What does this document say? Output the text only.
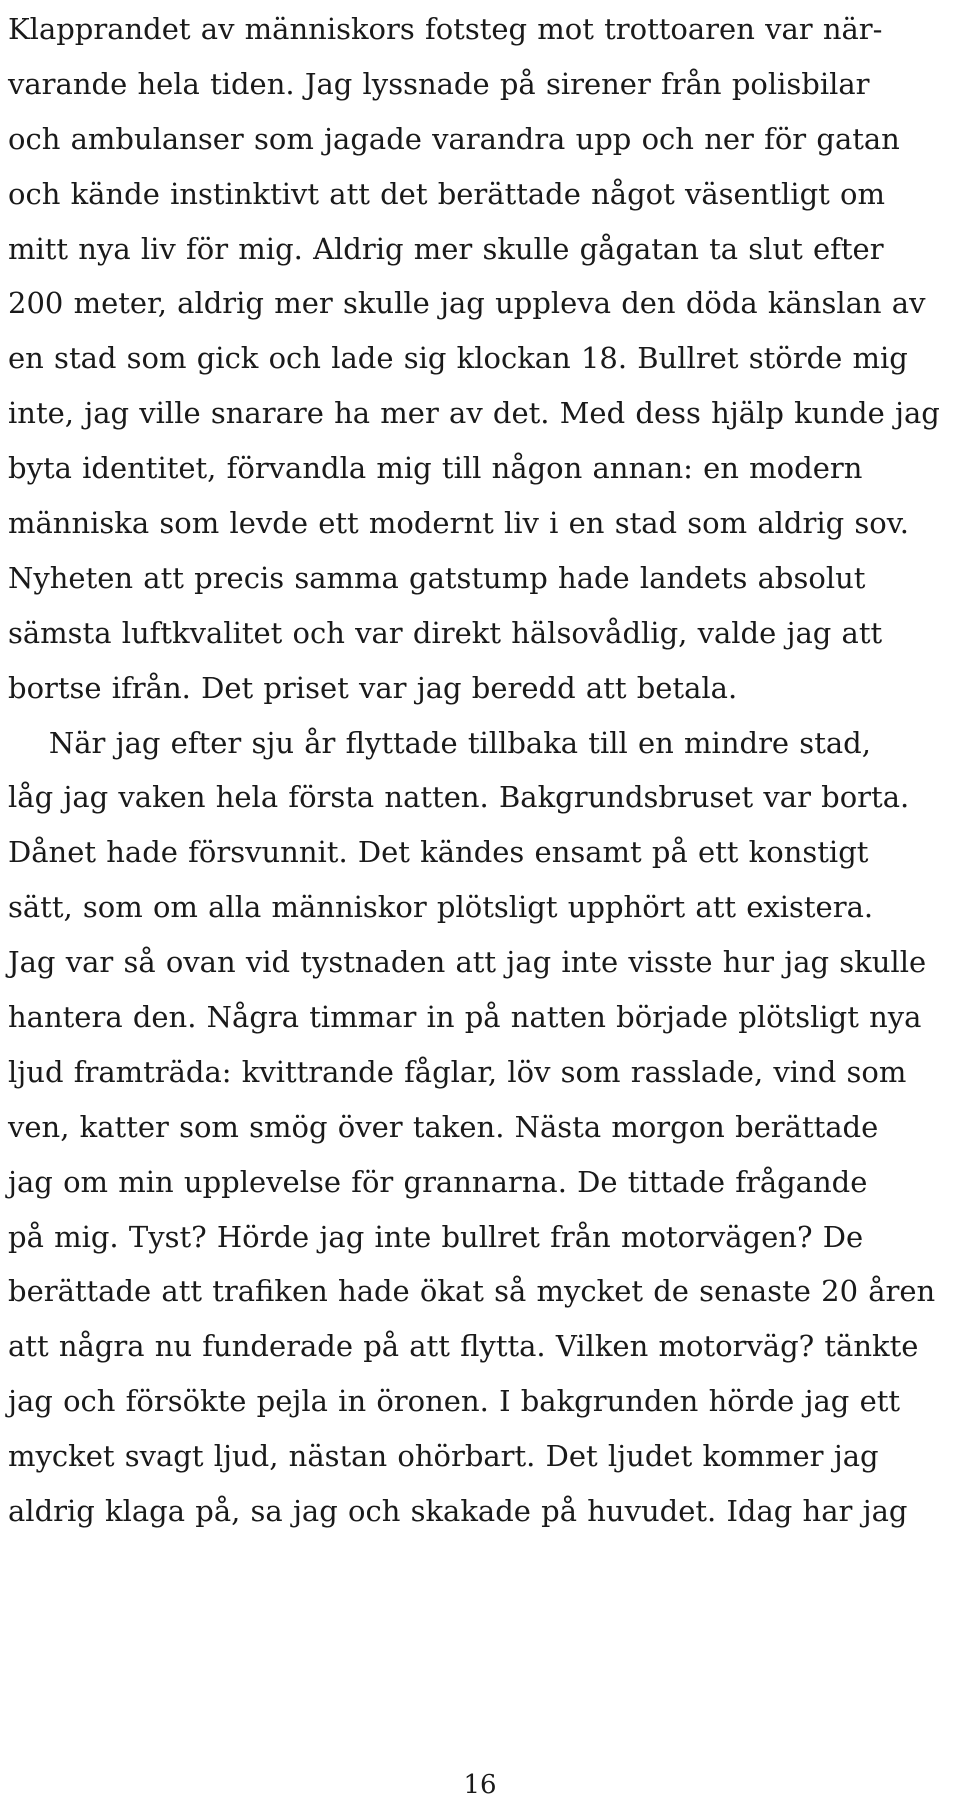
Klapprandet av människors fotsteg mot trottoaren var när-
varande hela tiden. Jag lyssnade på sirener från polisbilar
och ambulanser som jagade varandra upp och ner för gatan
och kände instinktivt att det berättade något väsentligt om
mitt nya liv för mig. Aldrig mer skulle gågatan ta slut efter
200 meter, aldrig mer skulle jag uppleva den döda känslan av
en stad som gick och lade sig klockan 18. Bullret störde mig
inte, jag ville snarare ha mer av det. Med dess hjälp kunde jag
byta identitet, förvandla mig till någon annan: en modern
människa som levde ett modernt liv i en stad som aldrig sov.
Nyheten att precis samma gatstump hade landets absolut
sämsta luftkvalitet och var direkt hälsovådlig, valde jag att
bortse ifrån. Det priset var jag beredd att betala.
När jag efter sju år flyttade tillbaka till en mindre stad,
låg jag vaken hela första natten. Bakgrundsbruset var borta.
Dånet hade försvunnit. Det kändes ensamt på ett konstigt
sätt, som om alla människor plötsligt upphört att existera.
Jag var så ovan vid tystnaden att jag inte visste hur jag skulle
hantera den. Några timmar in på natten började plötsligt nya
ljud framträda: kvittrande fåglar, löv som rasslade, vind som
ven, katter som smög över taken. Nästa morgon berättade
jag om min upplevelse för grannarna. De tittade frågande
på mig. Tyst? Hörde jag inte bullret från motorvägen? De
berättade att trafiken hade ökat så mycket de senaste 20 åren
att några nu funderade på att flytta. Vilken motorväg? tänkte
jag och försökte pejla in öronen. I bakgrunden hörde jag ett
mycket svagt ljud, nästan ohörbart. Det ljudet kommer jag
aldrig klaga på, sa jag och skakade på huvudet. Idag har jag
16
